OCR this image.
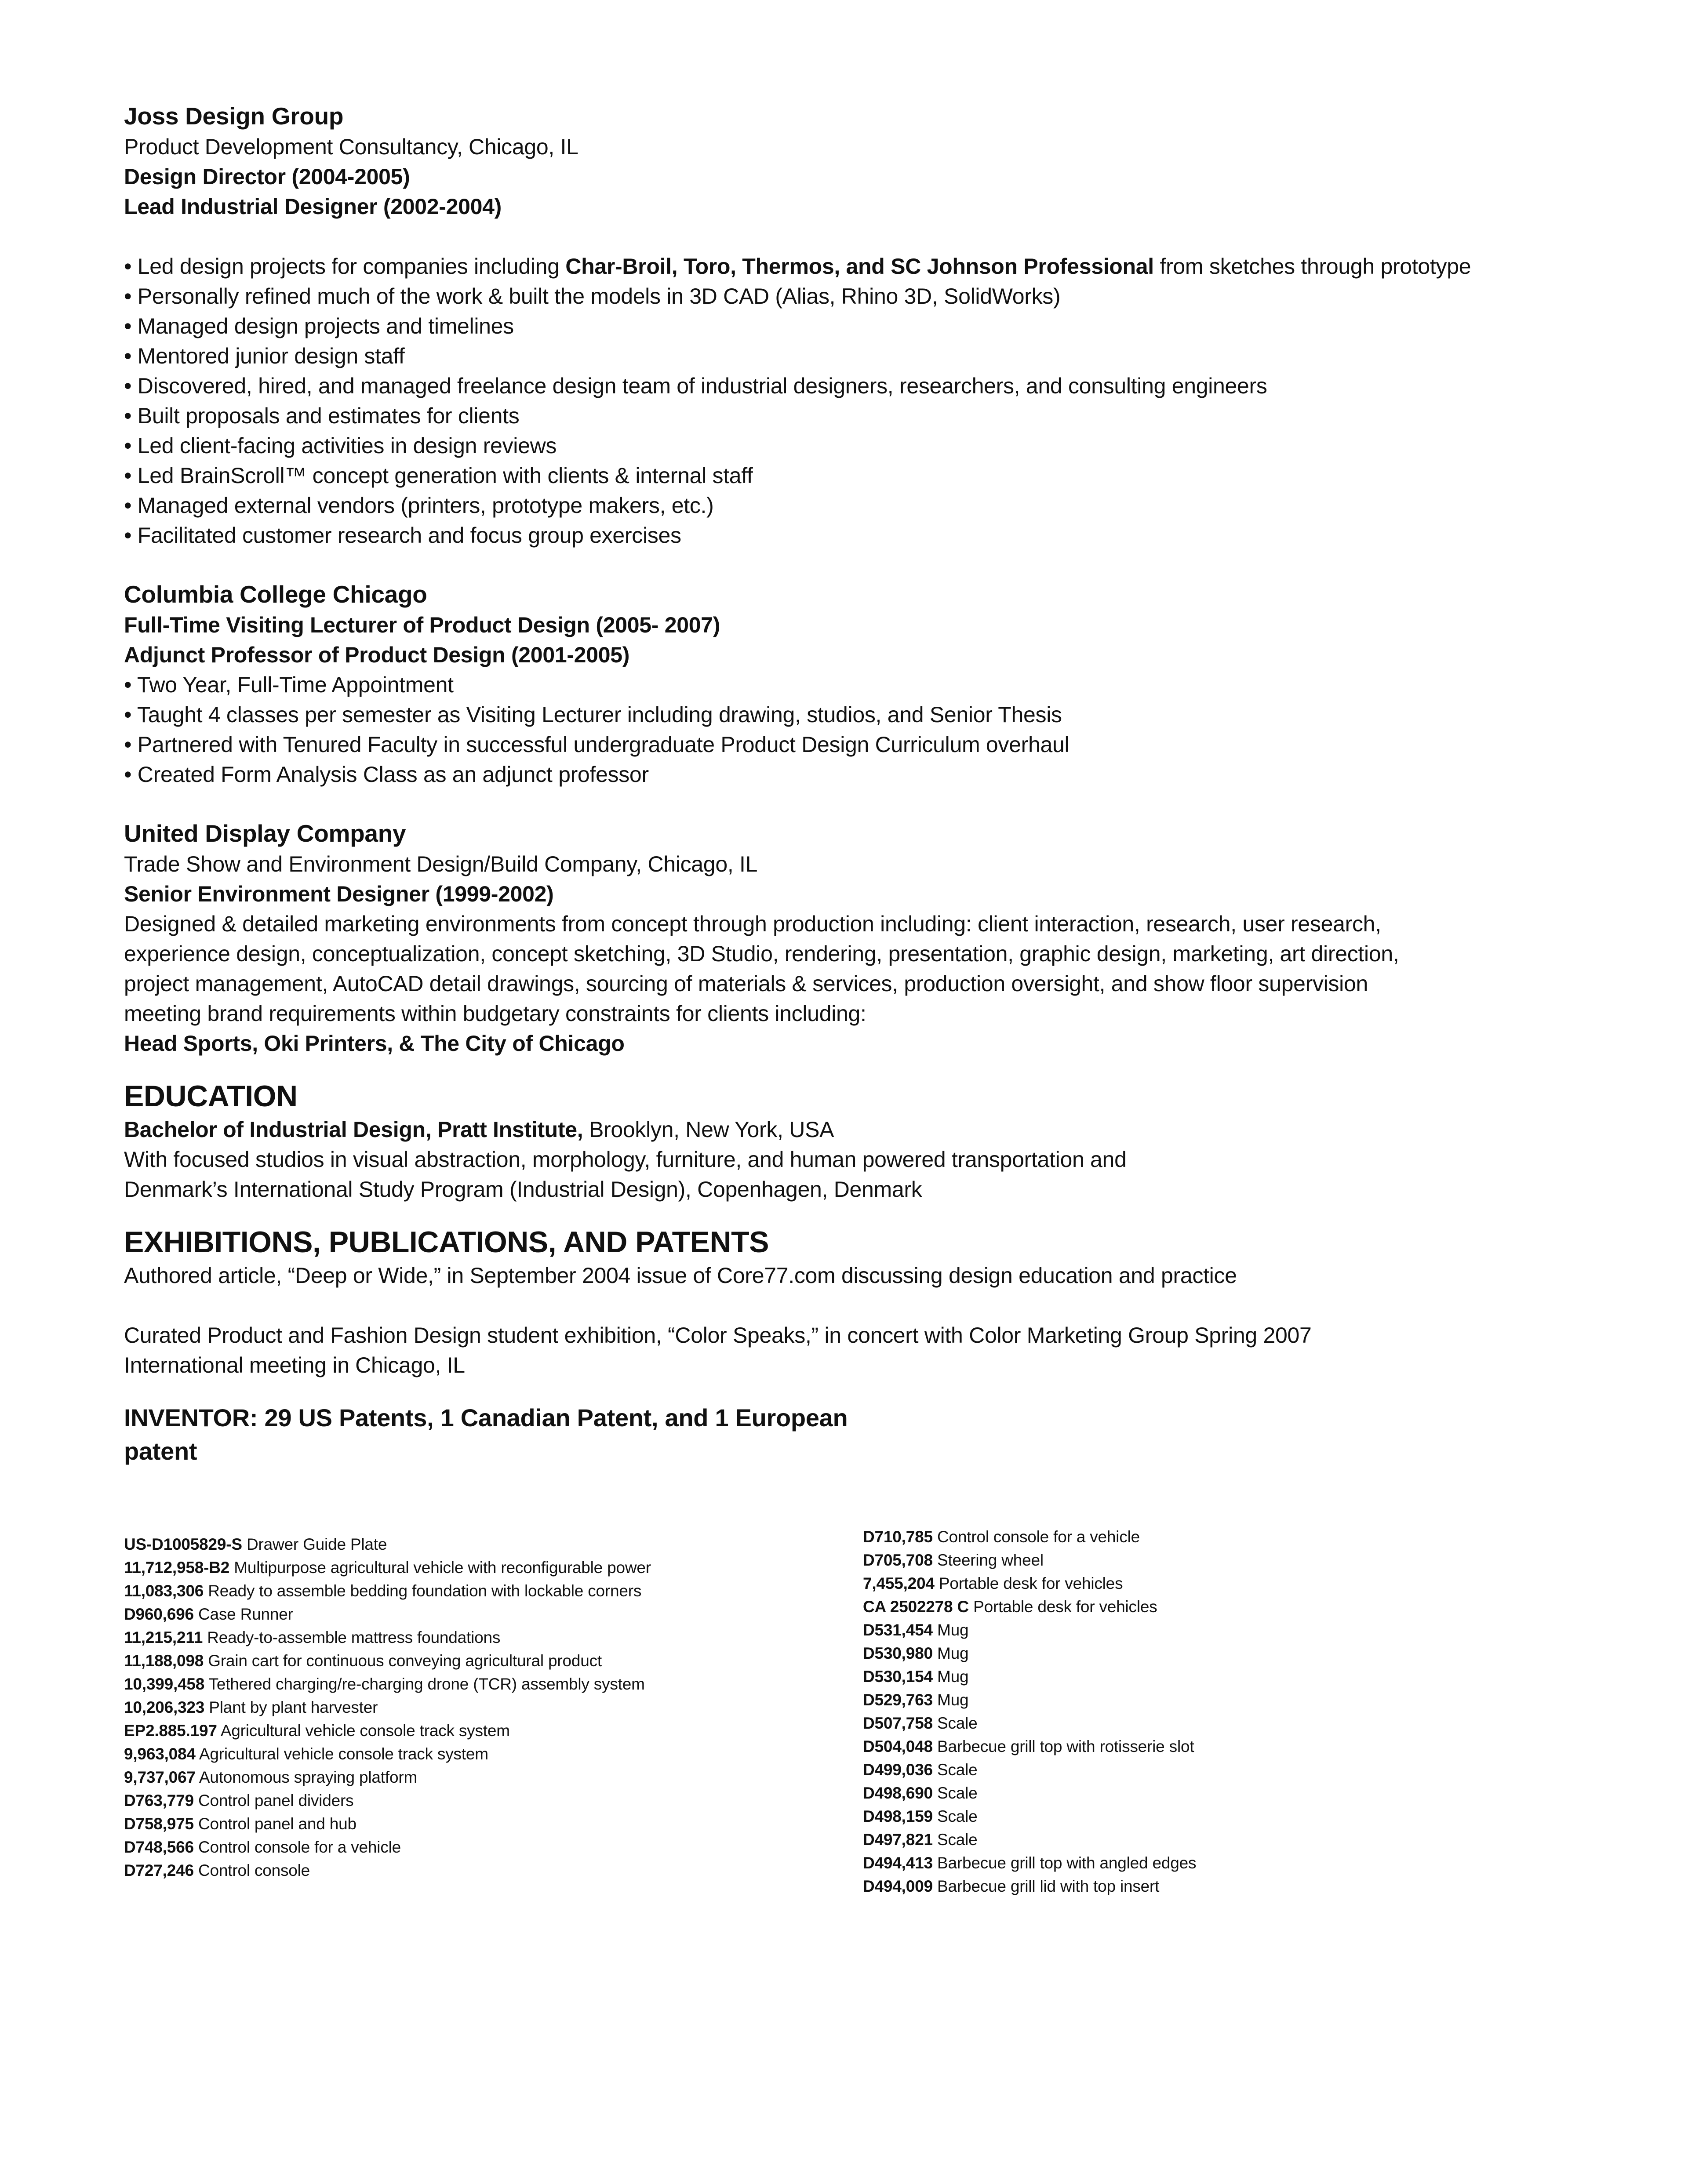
Joss Design Group
Product Development Consultancy, Chicago, IL
Design Director (2004-2005)
Lead Industrial Designer (2002-2004)
• Led design projects for companies including Char-Broil, Toro, Thermos, and SC Johnson Professional from sketches through prototype
• Personally refined much of the work & built the models in 3D CAD (Alias, Rhino 3D, SolidWorks)
• Managed design projects and timelines
• Mentored junior design staff
• Discovered, hired, and managed freelance design team of industrial designers, researchers, and consulting engineers
• Built proposals and estimates for clients
• Led client-facing activities in design reviews
• Led BrainScroll™ concept generation with clients & internal staff
• Managed external vendors (printers, prototype makers, etc.)
• Facilitated customer research and focus group exercises
Columbia College Chicago
Full-Time Visiting Lecturer of Product Design (2005- 2007)
Adjunct Professor of Product Design (2001-2005)
• Two Year, Full-Time Appointment
• Taught 4 classes per semester as Visiting Lecturer including drawing, studios, and Senior Thesis
• Partnered with Tenured Faculty in successful undergraduate Product Design Curriculum overhaul
• Created Form Analysis Class as an adjunct professor
United Display Company
Trade Show and Environment Design/Build Company, Chicago, IL
Senior Environment Designer (1999-2002)
Designed & detailed marketing environments from concept through production including: client interaction, research, user research,
experience design, conceptualization, concept sketching, 3D Studio, rendering, presentation, graphic design, marketing, art direction,
project management, AutoCAD detail drawings, sourcing of materials & services, production oversight, and show floor supervision
meeting brand requirements within budgetary constraints for clients including:
Head Sports, Oki Printers, & The City of Chicago
EDUCATION
Bachelor of Industrial Design, Pratt Institute, Brooklyn, New York, USA
With focused studios in visual abstraction, morphology, furniture, and human powered transportation and
Denmark’s International Study Program (Industrial Design), Copenhagen, Denmark
EXHIBITIONS, PUBLICATIONS, AND PATENTS
Authored article, “Deep or Wide,” in September 2004 issue of Core77.com discussing design education and practice
Curated Product and Fashion Design student exhibition, “Color Speaks,” in concert with Color Marketing Group Spring 2007
International meeting in Chicago, IL
INVENTOR: 29 US Patents, 1 Canadian Patent, and 1 European
patent
US-D1005829-S Drawer Guide Plate
11,712,958-B2 Multipurpose agricultural vehicle with reconfigurable power
11,083,306 Ready to assemble bedding foundation with lockable corners
D960,696 Case Runner
11,215,211 Ready-to-assemble mattress foundations
11,188,098 Grain cart for continuous conveying agricultural product
10,399,458 Tethered charging/re-charging drone (TCR) assembly system
10,206,323 Plant by plant harvester
EP2.885.197 Agricultural vehicle console track system
9,963,084 Agricultural vehicle console track system
9,737,067 Autonomous spraying platform
D763,779 Control panel dividers
D758,975 Control panel and hub
D748,566 Control console for a vehicle
D727,246 Control console
D710,785 Control console for a vehicle
D705,708 Steering wheel
7,455,204 Portable desk for vehicles
CA 2502278 C Portable desk for vehicles
D531,454 Mug
D530,980 Mug
D530,154 Mug
D529,763 Mug
D507,758 Scale
D504,048 Barbecue grill top with rotisserie slot
D499,036 Scale
D498,690 Scale
D498,159 Scale
D497,821 Scale
D494,413 Barbecue grill top with angled edges
D494,009 Barbecue grill lid with top insert
